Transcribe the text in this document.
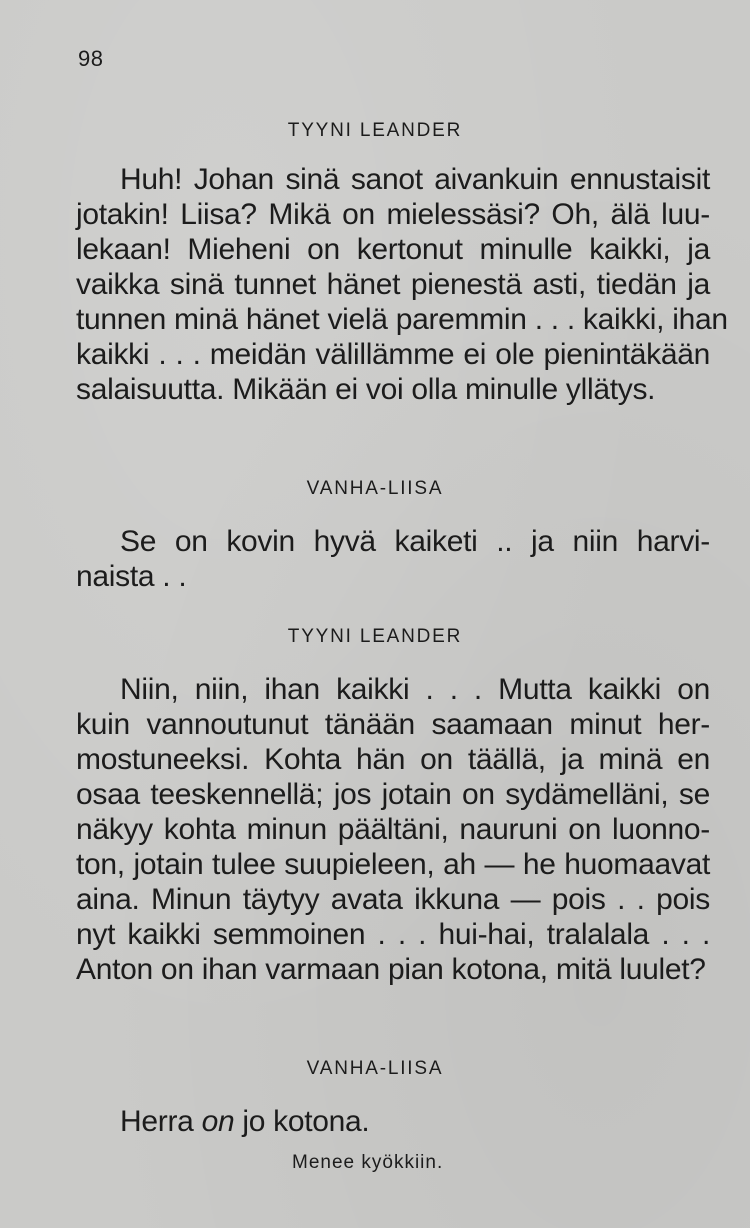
98
TYYNI LEANDER
Huh! Johan sinä sanot aivankuin ennustaisit
jotakin! Liisa? Mikä on mielessäsi? Oh, älä luu-
lekaan! Mieheni on kertonut minulle kaikki, ja
vaikka sinä tunnet hänet pienestä asti, tiedän ja
tunnen minä hänet vielä paremmin . . . kaikki, ihan
kaikki . . . meidän välillämme ei ole pienintäkään
salaisuutta. Mikään ei voi olla minulle yllätys.
VANHA-LIISA
Se on kovin hyvä kaiketi .. ja niin harvi-
naista . .
TYYNI LEANDER
Niin, niin, ihan kaikki . . . Mutta kaikki on
kuin vannoutunut tänään saamaan minut her-
mostuneeksi. Kohta hän on täällä, ja minä en
osaa teeskennellä; jos jotain on sydämelläni, se
näkyy kohta minun päältäni, nauruni on luonno-
ton, jotain tulee suupieleen, ah — he huomaavat
aina. Minun täytyy avata ikkuna — pois . . pois
nyt kaikki semmoinen . . . hui-hai, tralalala . . .
Anton on ihan varmaan pian kotona, mitä luulet?
VANHA-LIISA
Herra on jo kotona.
Menee kyökkiin.
